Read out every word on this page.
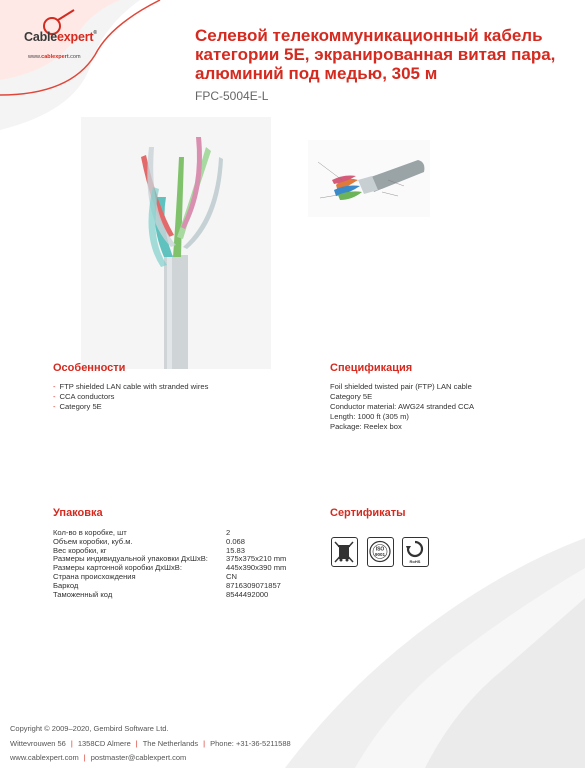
Cableexpert®
www.cablexpert.com
Селевой телекоммуникационный кабель категории 5Е, экранированная витая пара, алюминий под медью, 305 м
FPC-5004E-L
Особенности
- FTP shielded LAN cable with stranded wires
- CCA conductors
- Category 5E
Спецификация
Foil shielded twisted pair (FTP) LAN cable
Category 5E
Conductor material: AWG24 stranded CCA
Length: 1000 ft (305 m)
Package: Reelex box
Упаковка
Кол-во в коробке, шт	2
Объем коробки, куб.м.	0.068
Вес коробки, кг	15.83
Размеры индивидуальной упаковки ДхШхВ:	375x375x210 mm
Размеры картонной коробки ДхШхВ:	445x390x390 mm
Страна происхождения	CN
Баркод	8716309071857
Таможенный код	8544492000
Сертификаты
ISO
9001
RoHS
Copyright © 2009–2020, Gembird Software Ltd.
Wittevrouwen 56 | 1358CD Almere | The Netherlands | Phone: +31-36-5211588
www.cablexpert.com | postmaster@cablexpert.com
